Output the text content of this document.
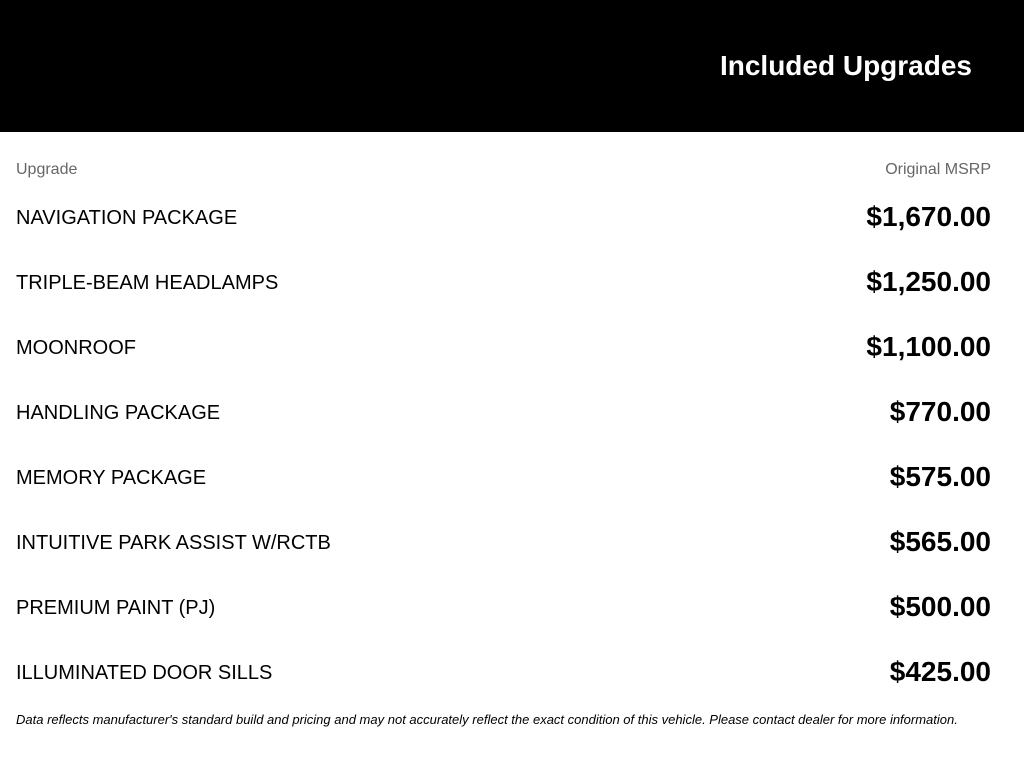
Included Upgrades
Upgrade	Original MSRP
NAVIGATION PACKAGE	$1,670.00
TRIPLE-BEAM HEADLAMPS	$1,250.00
MOONROOF	$1,100.00
HANDLING PACKAGE	$770.00
MEMORY PACKAGE	$575.00
INTUITIVE PARK ASSIST W/RCTB	$565.00
PREMIUM PAINT (PJ)	$500.00
ILLUMINATED DOOR SILLS	$425.00
Data reflects manufacturer's standard build and pricing and may not accurately reflect the exact condition of this vehicle. Please contact dealer for more information.
